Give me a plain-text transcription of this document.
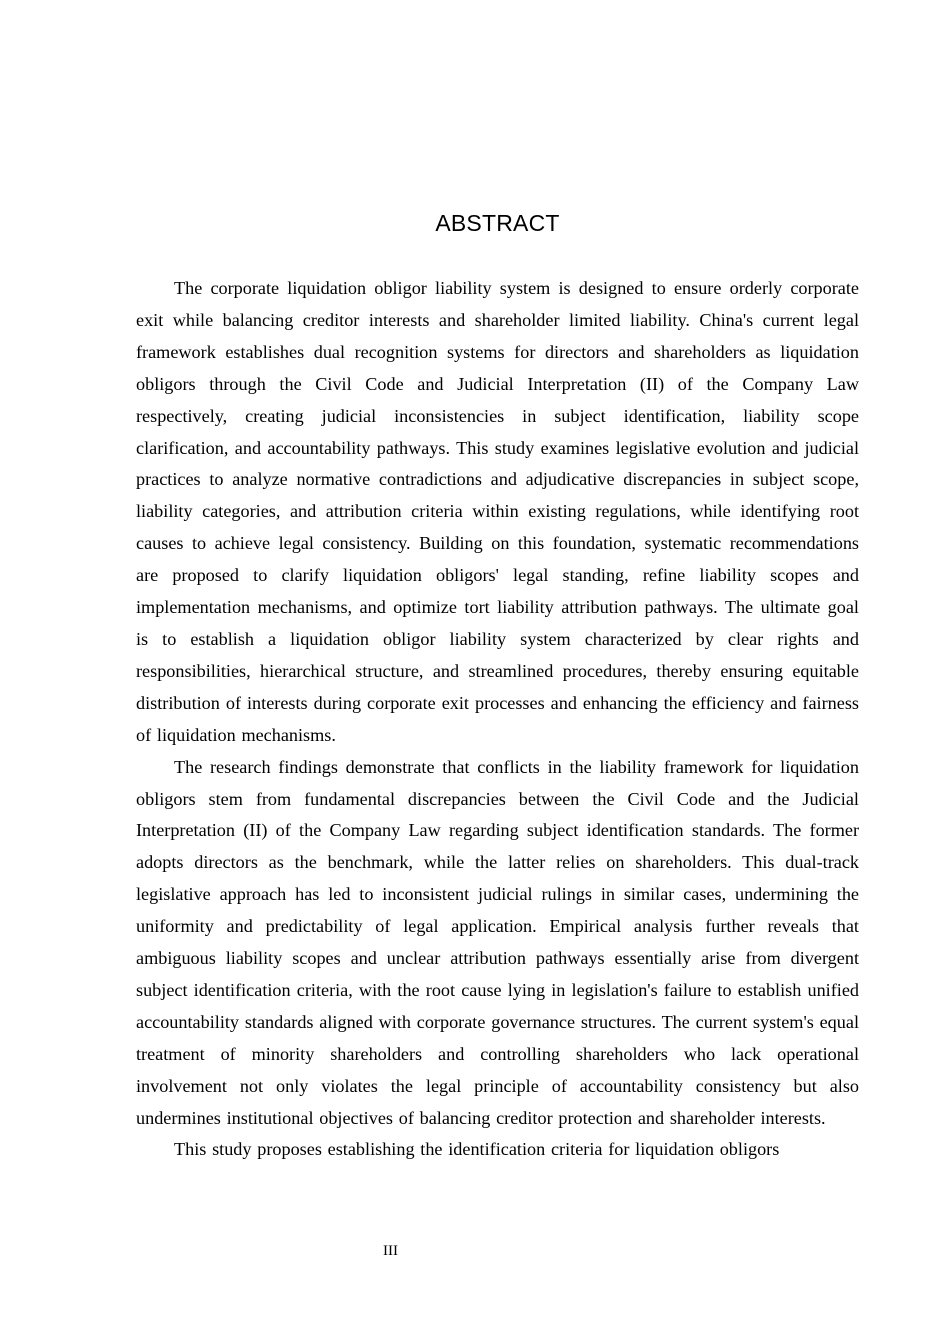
ABSTRACT

The corporate liquidation obligor liability system is designed to ensure orderly corporate exit while balancing creditor interests and shareholder limited liability. China's current legal framework establishes dual recognition systems for directors and shareholders as liquidation obligors through the Civil Code and Judicial Interpretation (II) of the Company Law respectively, creating judicial inconsistencies in subject identification, liability scope clarification, and accountability pathways. This study examines legislative evolution and judicial practices to analyze normative contradictions and adjudicative discrepancies in subject scope, liability categories, and attribution criteria within existing regulations, while identifying root causes to achieve legal consistency. Building on this foundation, systematic recommendations are proposed to clarify liquidation obligors' legal standing, refine liability scopes and implementation mechanisms, and optimize tort liability attribution pathways. The ultimate goal is to establish a liquidation obligor liability system characterized by clear rights and responsibilities, hierarchical structure, and streamlined procedures, thereby ensuring equitable distribution of interests during corporate exit processes and enhancing the efficiency and fairness of liquidation mechanisms.

The research findings demonstrate that conflicts in the liability framework for liquidation obligors stem from fundamental discrepancies between the Civil Code and the Judicial Interpretation (II) of the Company Law regarding subject identification standards. The former adopts directors as the benchmark, while the latter relies on shareholders. This dual-track legislative approach has led to inconsistent judicial rulings in similar cases, undermining the uniformity and predictability of legal application. Empirical analysis further reveals that ambiguous liability scopes and unclear attribution pathways essentially arise from divergent subject identification criteria, with the root cause lying in legislation's failure to establish unified accountability standards aligned with corporate governance structures. The current system's equal treatment of minority shareholders and controlling shareholders who lack operational involvement not only violates the legal principle of accountability consistency but also undermines institutional objectives of balancing creditor protection and shareholder interests.

This study proposes establishing the identification criteria for liquidation obligors

III
